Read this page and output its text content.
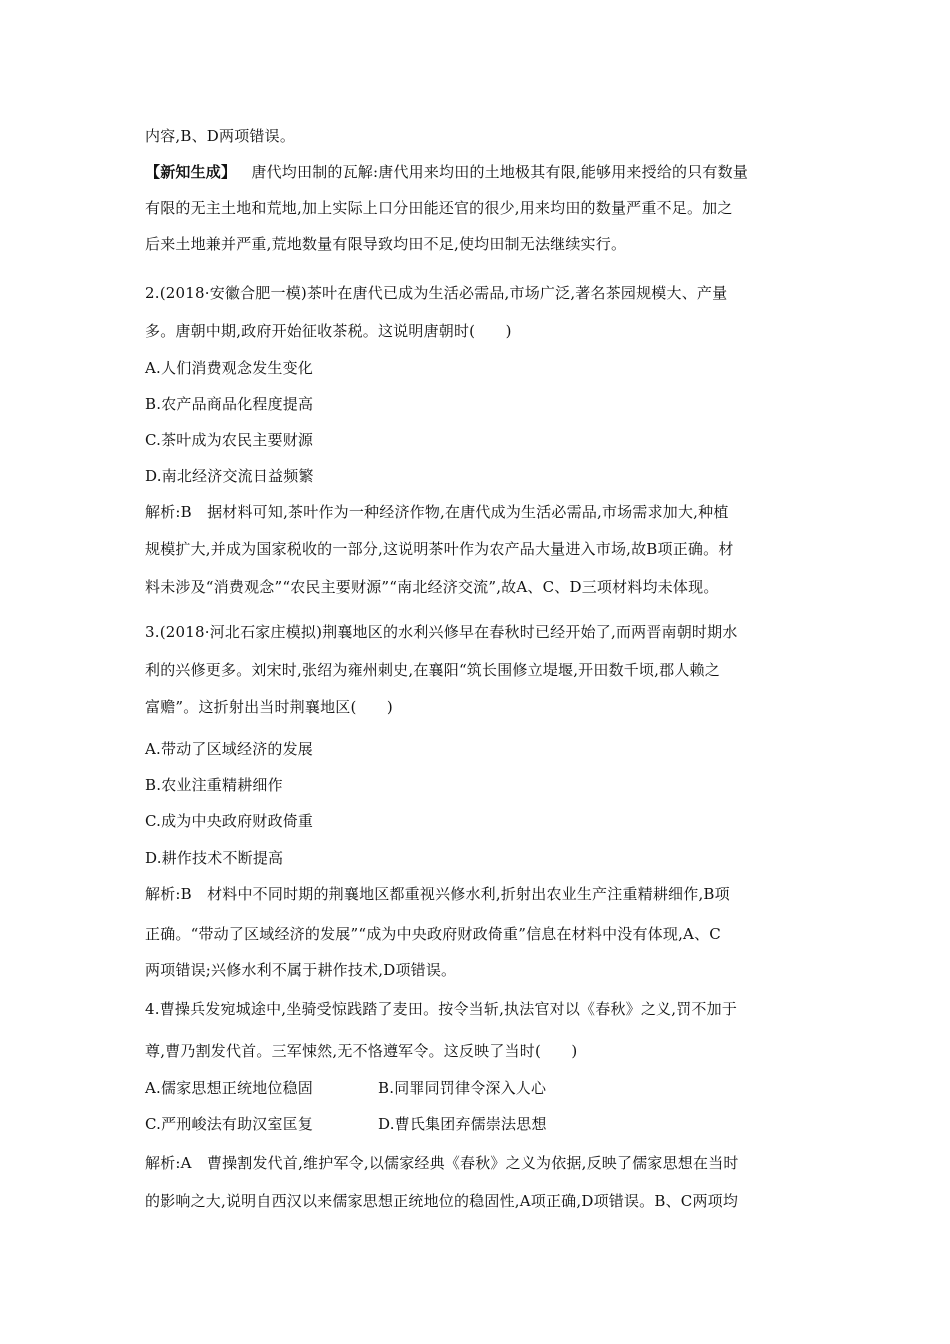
内容,B、D两项错误。
【新知生成】  唐代均田制的瓦解:唐代用来均田的土地极其有限,能够用来授给的只有数量
有限的无主土地和荒地,加上实际上口分田能还官的很少,用来均田的数量严重不足。加之
后来土地兼并严重,荒地数量有限导致均田不足,使均田制无法继续实行。
2.(2018·安徽合肥一模)茶叶在唐代已成为生活必需品,市场广泛,著名茶园规模大、产量
多。唐朝中期,政府开始征收茶税。这说明唐朝时(　　)
A.人们消费观念发生变化
B.农产品商品化程度提高
C.茶叶成为农民主要财源
D.南北经济交流日益频繁
解析:B　据材料可知,茶叶作为一种经济作物,在唐代成为生活必需品,市场需求加大,种植
规模扩大,并成为国家税收的一部分,这说明茶叶作为农产品大量进入市场,故B项正确。材
料未涉及“消费观念”“农民主要财源”“南北经济交流”,故A、C、D三项材料均未体现。
3.(2018·河北石家庄模拟)荆襄地区的水利兴修早在春秋时已经开始了,而两晋南朝时期水
利的兴修更多。刘宋时,张绍为雍州刺史,在襄阳“筑长围修立堤堰,开田数千顷,郡人赖之
富赡”。这折射出当时荆襄地区(　　)
A.带动了区域经济的发展
B.农业注重精耕细作
C.成为中央政府财政倚重
D.耕作技术不断提高
解析:B　材料中不同时期的荆襄地区都重视兴修水利,折射出农业生产注重精耕细作,B项
正确。“带动了区域经济的发展”“成为中央政府财政倚重”信息在材料中没有体现,A、C
两项错误;兴修水利不属于耕作技术,D项错误。
4.曹操兵发宛城途中,坐骑受惊践踏了麦田。按令当斩,执法官对以《春秋》之义,罚不加于
尊,曹乃割发代首。三军悚然,无不恪遵军令。这反映了当时(　　)
A.儒家思想正统地位稳固	B.同罪同罚律令深入人心
C.严刑峻法有助汉室匡复	D.曹氏集团弃儒崇法思想
解析:A　曹操割发代首,维护军令,以儒家经典《春秋》之义为依据,反映了儒家思想在当时
的影响之大,说明自西汉以来儒家思想正统地位的稳固性,A项正确,D项错误。B、C两项均
